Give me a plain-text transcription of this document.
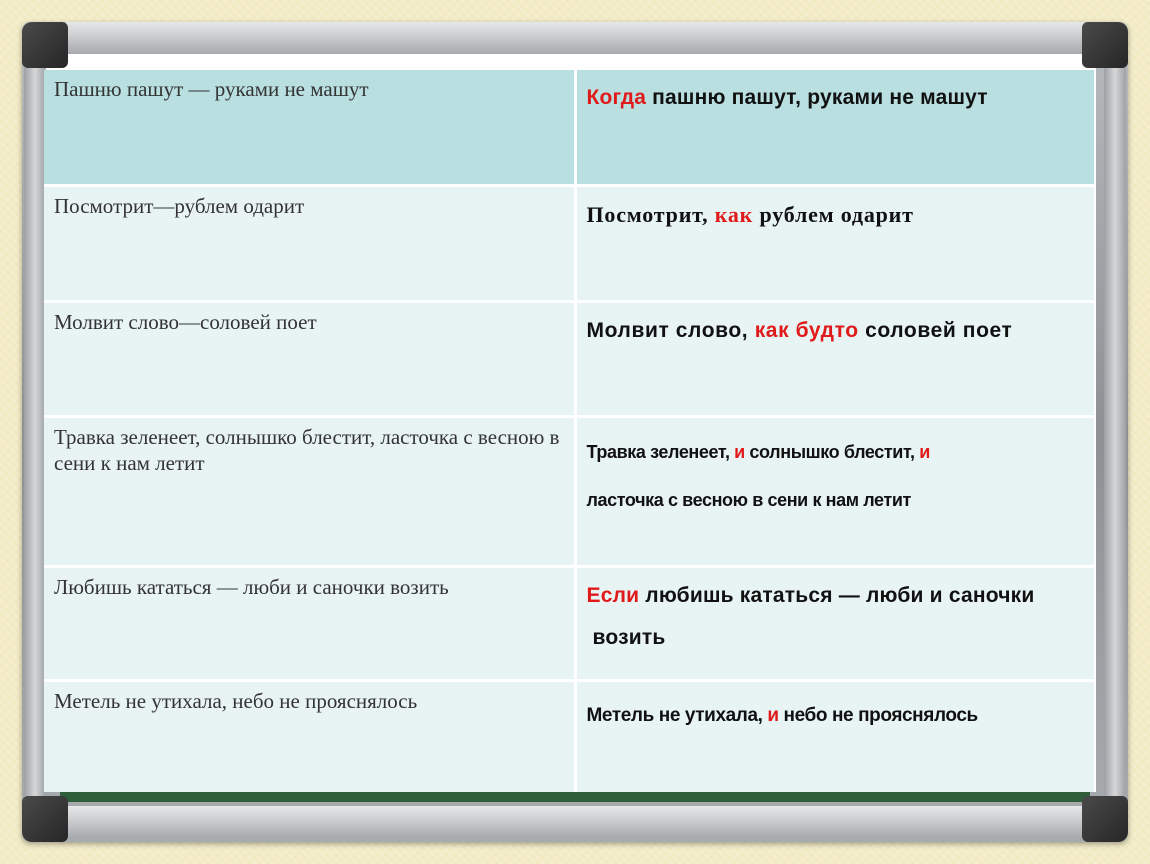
Пашню пашут — руками не машут	Когда пашню пашут, руками не машут

Посмотрит—рублем одарит	Посмотрит, как рублем одарит

Молвит слово—соловей поет	Молвит слово, как будто соловей поет

Травка зеленеет, солнышко блестит, ласточка с весною в сени к нам летит	Травка зеленеет, и солнышко блестит, и
ласточка с весною в сени к нам летит

Любишь кататься — люби и саночки возить	Если любишь кататься — люби и саночки
возить

Метель не утихала, небо не прояснялось	Метель не утихала, и небо не прояснялось
